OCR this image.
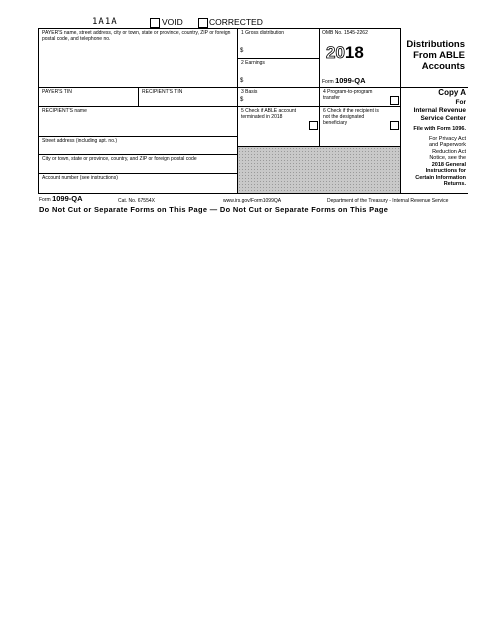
1A1A	VOID	CORRECTED
PAYER'S name, street address, city or town, state or province, country, ZIP or foreign postal code, and telephone no.
PAYER'S TIN	RECIPIENT'S TIN
RECIPIENT'S name
Street address (including apt. no.)
City or town, state or province, country, and ZIP or foreign postal code
Account number (see instructions)
1 Gross distribution
$
2 Earnings
$
3 Basis
$
4 Program-to-program transfer
5 Check if ABLE account terminated in 2018
6 Check if the recipient is not the designated beneficiary
OMB No. 1545-2262
2018
Form 1099-QA
Distributions
From ABLE
Accounts
Copy A
For
Internal Revenue
Service Center
File with Form 1096.
For Privacy Act
and Paperwork
Reduction Act
Notice, see the
2018 General
Instructions for
Certain Information
Returns.
Form 1099-QA	Cat. No. 67554X	www.irs.gov/Form1099QA	Department of the Treasury - Internal Revenue Service
Do Not Cut or Separate Forms on This Page — Do Not Cut or Separate Forms on This Page
